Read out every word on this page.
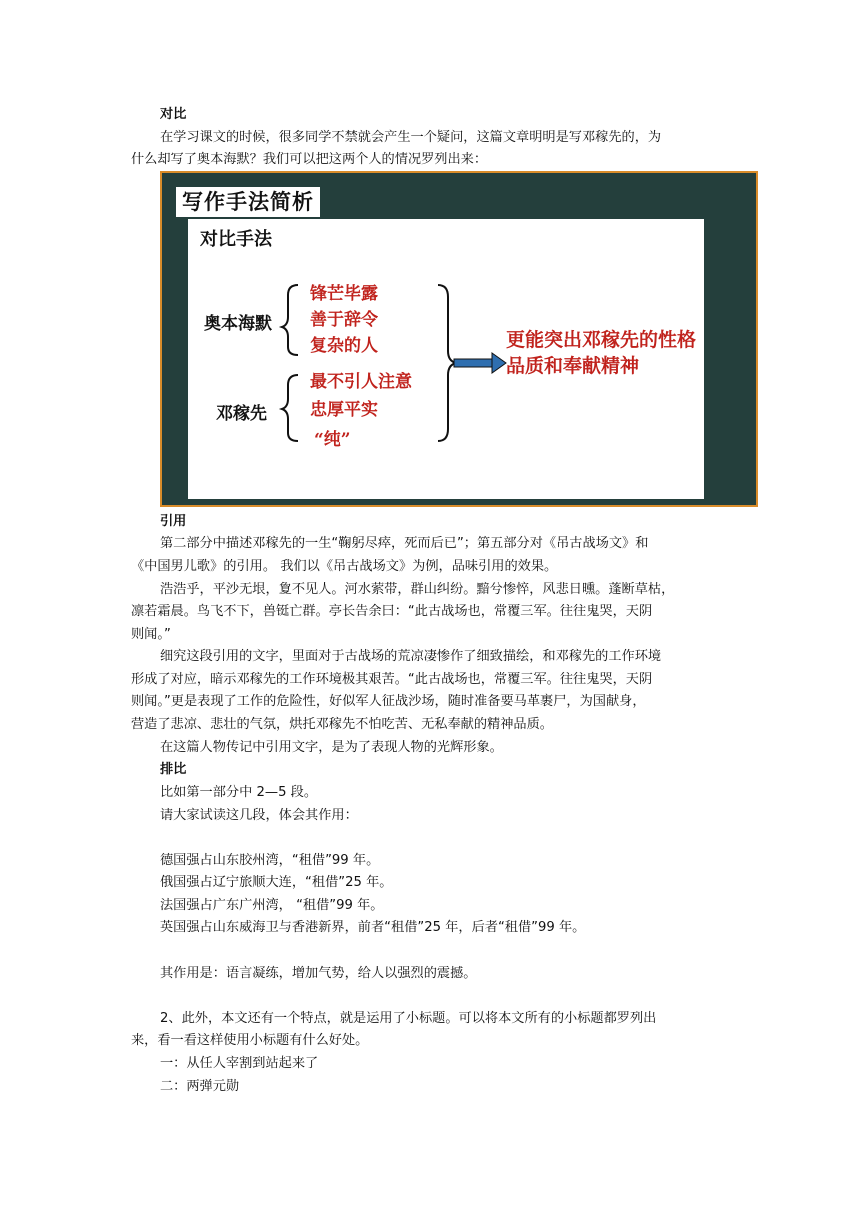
对比
在学习课文的时候，很多同学不禁就会产生一个疑问，这篇文章明明是写邓稼先的，为
什么却写了奥本海默？我们可以把这两个人的情况罗列出来：
写作手法简析
对比手法
奥本海默
锋芒毕露
善于辞令
复杂的人
邓稼先
最不引人注意
忠厚平实
“纯”
更能突出邓稼先的性格品质和奉献精神
引用
第二部分中描述邓稼先的一生“鞠躬尽瘁，死而后已”；第五部分对《吊古战场文》和
《中国男儿歌》的引用。 我们以《吊古战场文》为例，品味引用的效果。
浩浩乎，平沙无垠，夐不见人。河水萦带，群山纠纷。黯兮惨悴，风悲日曛。蓬断草枯，
凛若霜晨。鸟飞不下，兽铤亡群。亭长告余曰：“此古战场也，常覆三军。往往鬼哭，天阴
则闻。”
细究这段引用的文字，里面对于古战场的荒凉凄惨作了细致描绘，和邓稼先的工作环境
形成了对应，暗示邓稼先的工作环境极其艰苦。“此古战场也，常覆三军。往往鬼哭，天阴
则闻。”更是表现了工作的危险性，好似军人征战沙场，随时准备要马革裹尸，为国献身，
营造了悲凉、悲壮的气氛，烘托邓稼先不怕吃苦、无私奉献的精神品质。
在这篇人物传记中引用文字，是为了表现人物的光辉形象。
排比
比如第一部分中 2—5 段。
请大家试读这几段，体会其作用：
德国强占山东胶州湾，“租借”99 年。
俄国强占辽宁旅顺大连，“租借”25 年。
法国强占广东广州湾， “租借”99 年。
英国强占山东威海卫与香港新界，前者“租借”25 年，后者“租借”99 年。
其作用是：语言凝练，增加气势，给人以强烈的震撼。
2、此外，本文还有一个特点，就是运用了小标题。可以将本文所有的小标题都罗列出
来，看一看这样使用小标题有什么好处。
一：从任人宰割到站起来了
二：两弹元勋
